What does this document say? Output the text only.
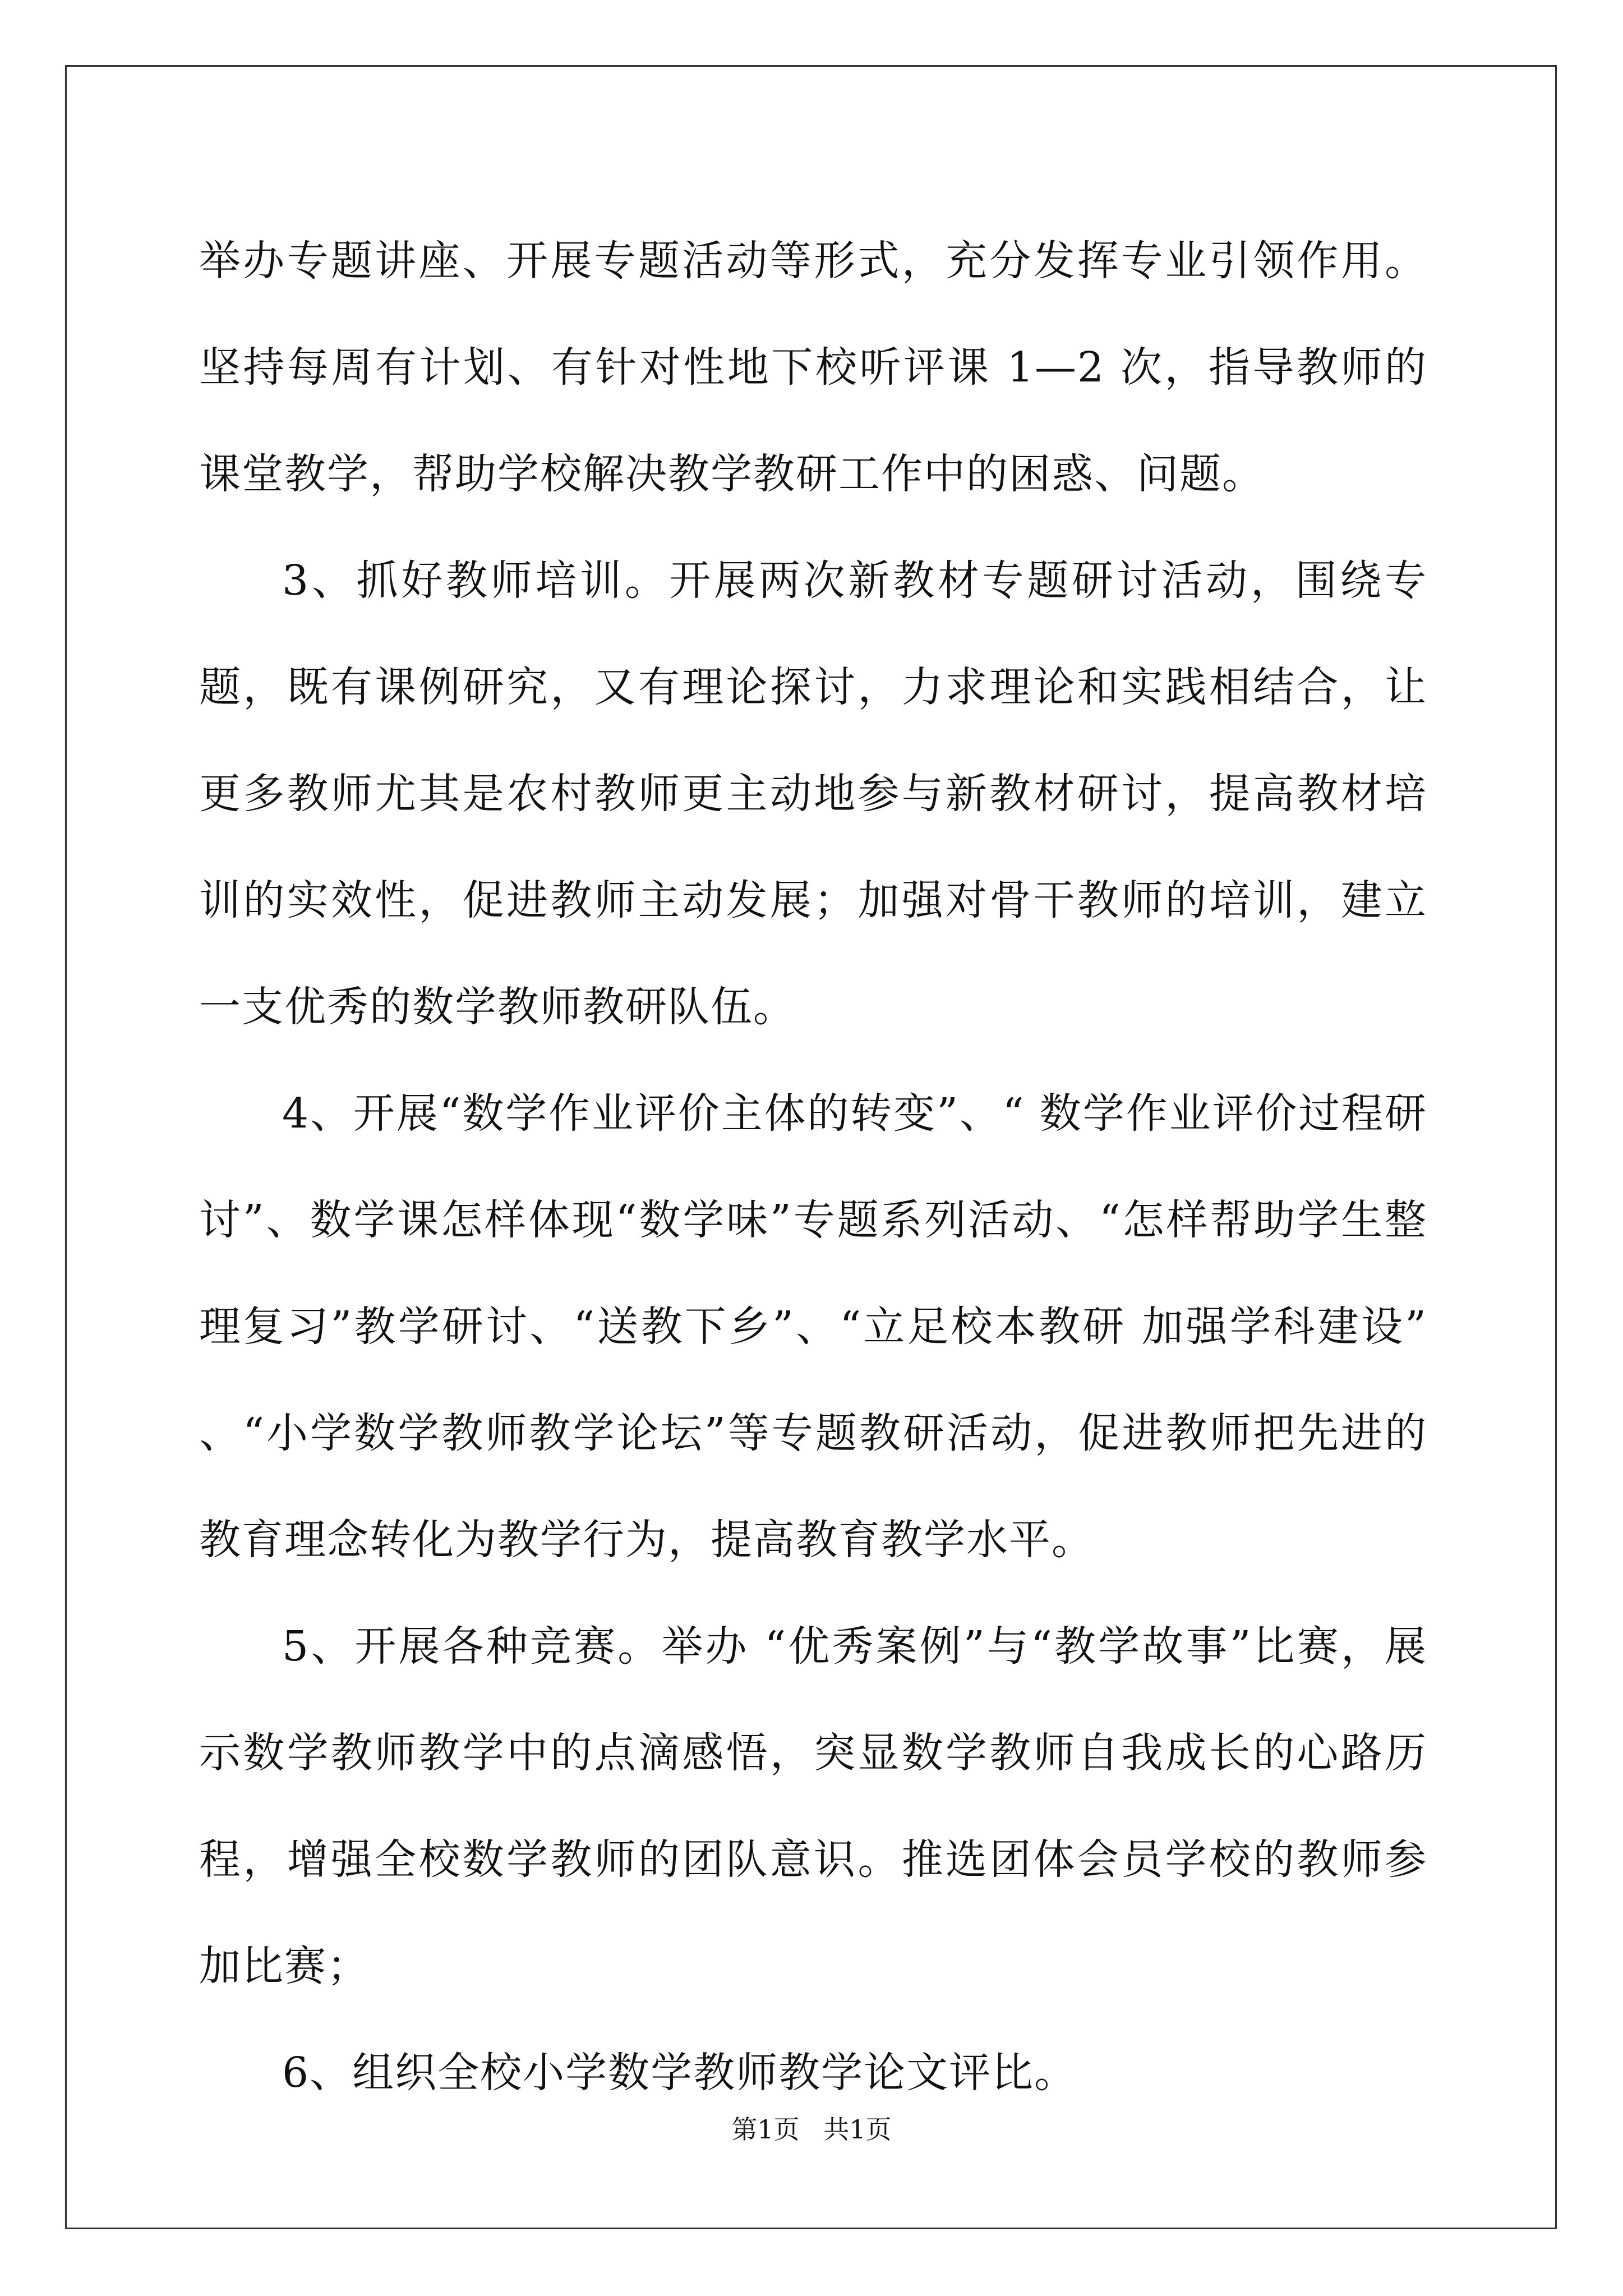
举办专题讲座、开展专题活动等形式，充分发挥专业引领作用。坚持每周有计划、有针对性地下校听评课 1—2 次，指导教师的课堂教学，帮助学校解决教学教研工作中的困惑、问题。

3、抓好教师培训。开展两次新教材专题研讨活动，围绕专题，既有课例研究，又有理论探讨，力求理论和实践相结合，让更多教师尤其是农村教师更主动地参与新教材研讨，提高教材培训的实效性，促进教师主动发展；加强对骨干教师的培训，建立一支优秀的数学教师教研队伍。

4、开展“数学作业评价主体的转变”、“ 数学作业评价过程研讨”、数学课怎样体现“数学味”专题系列活动、“怎样帮助学生整理复习”教学研讨、“送教下乡”、“立足校本教研 加强学科建设” 、“小学数学教师教学论坛”等专题教研活动，促进教师把先进的教育理念转化为教学行为，提高教育教学水平。

5、开展各种竞赛。举办 “优秀案例”与“教学故事”比赛，展示数学教师教学中的点滴感悟，突显数学教师自我成长的心路历程，增强全校数学教师的团队意识。推选团体会员学校的教师参加比赛；

6、组织全校小学数学教师教学论文评比。

第1页 共1页
